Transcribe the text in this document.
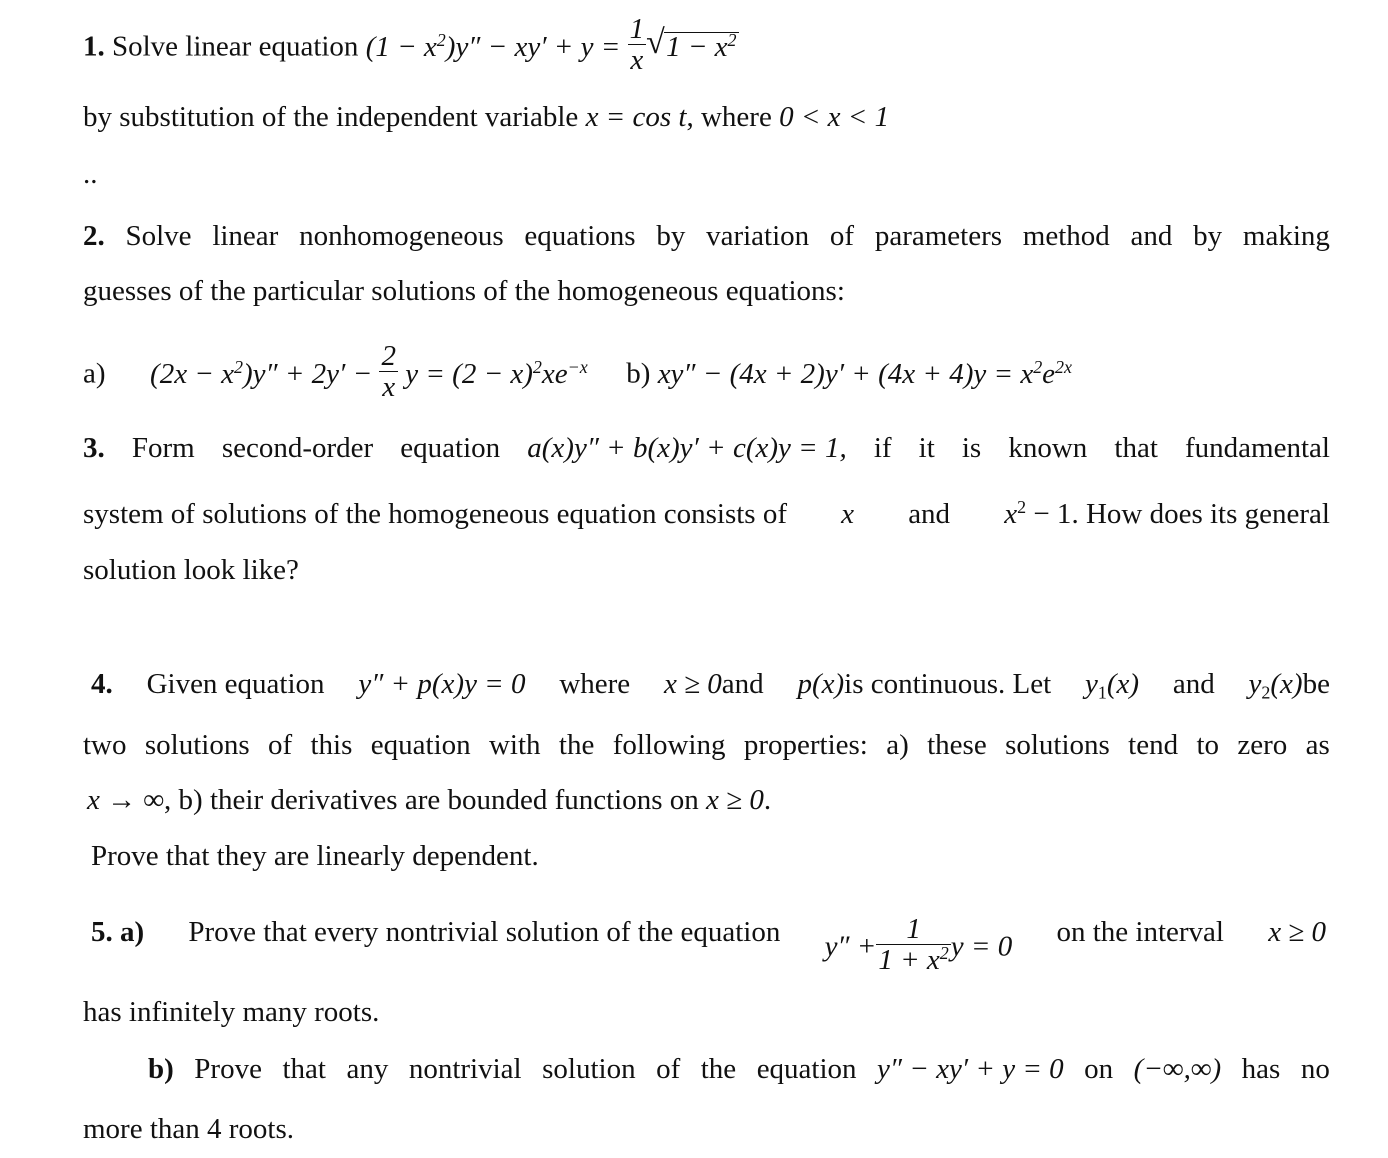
1. Solve linear equation $(1 - x^2)y'' - xy' + y = \frac{1}{x}$ √ $1 - x^2$
by substitution of the independent variable x = cos t, where 0 < x < 1
..
2. Solve linear nonhomogeneous equations by variation of parameters method and by making
guesses of the particular solutions of the homogeneous equations:
a) $(2x - x^2)y'' + 2y' - \frac{2}{x}$ $y = (2 - x)^2xe^{-x}$ b) $xy'' - (4x + 2)y' + (4x + 4)y = x^2e^{2x}$
3. Form second-order equation a(x)y″ + b(x)y′ + c(x)y = 1, if it is known that fundamental
system of solutions of the homogeneous equation consists of x and $x^2 - 1$. How does its general
solution look like?
4. Given equation y″ + p(x)y = 0 where x ≥ 0and p(x)is continuous. Let $y_1(x)$ and $y_2(x)be$
two solutions of this equation with the following properties: a) these solutions tend to zero as
x → ∞, b) their derivatives are bounded functions on x ≥ 0.
Prove that they are linearly dependent.
5. a) Prove that every nontrivial solution of the equation $y'' + \frac{1}{1 + x^2}$ y = 0 on the interval x ≥ 0
has infinitely many roots.
b) Prove that any nontrivial solution of the equation y″ − xy′ + y = 0 on (−∞,∞) has no
more than 4 roots.
